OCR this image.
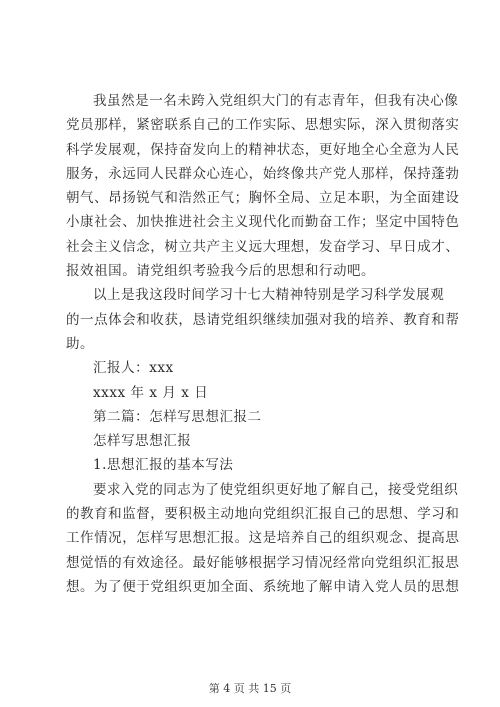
我虽然是一名未跨入党组织大门的有志青年，但我有决心像
党员那样，紧密联系自己的工作实际、思想实际，深入贯彻落实
科学发展观，保持奋发向上的精神状态，更好地全心全意为人民
服务，永远同人民群众心连心，始终像共产党人那样，保持蓬勃
朝气、昂扬锐气和浩然正气；胸怀全局、立足本职，为全面建设
小康社会、加快推进社会主义现代化而勤奋工作；坚定中国特色
社会主义信念，树立共产主义远大理想，发奋学习、早日成才、
报效祖国。请党组织考验我今后的思想和行动吧。
以上是我这段时间学习十七大精神特别是学习科学发展观
的一点体会和收获，恳请党组织继续加强对我的培养、教育和帮
助。
汇报人：xxx
xxxx 年 x 月 x 日
第二篇：怎样写思想汇报二
怎样写思想汇报
1.思想汇报的基本写法
要求入党的同志为了使党组织更好地了解自己，接受党组织
的教育和监督，要积极主动地向党组织汇报自己的思想、学习和
工作情况，怎样写思想汇报。这是培养自己的组织观念、提高思
想觉悟的有效途径。最好能够根据学习情况经常向党组织汇报思
想。为了便于党组织更加全面、系统地了解申请入党人员的思想
第 4 页 共 15 页
